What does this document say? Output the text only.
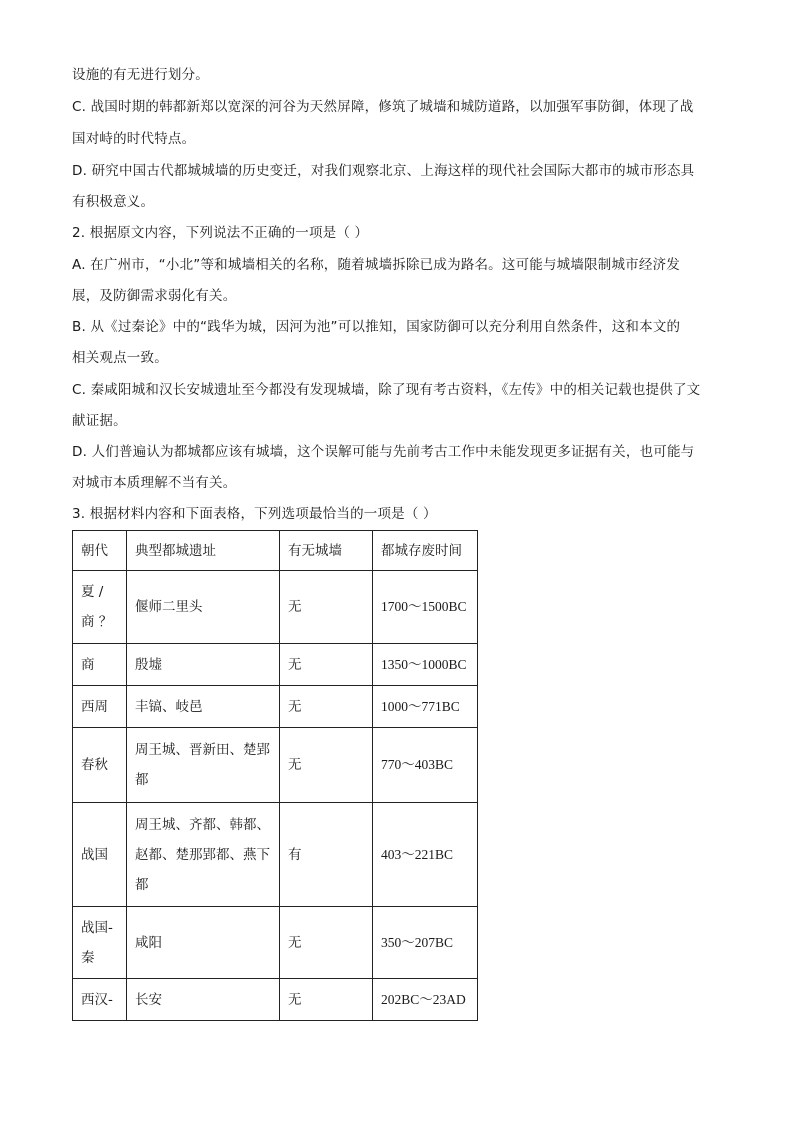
设施的有无进行划分。
C. 战国时期的韩都新郑以宽深的河谷为天然屏障，修筑了城墙和城防道路，以加强军事防御，体现了战
国对峙的时代特点。
D. 研究中国古代都城城墙的历史变迁，对我们观察北京、上海这样的现代社会国际大都市的城市形态具
有积极意义。
2. 根据原文内容，下列说法不正确的一项是（ ）
A. 在广州市，“小北”等和城墙相关的名称，随着城墙拆除已成为路名。这可能与城墙限制城市经济发
展，及防御需求弱化有关。
B. 从《过秦论》中的“践华为城，因河为池”可以推知，国家防御可以充分利用自然条件，这和本文的
相关观点一致。
C. 秦咸阳城和汉长安城遗址至今都没有发现城墙，除了现有考古资料，《左传》中的相关记载也提供了文
献证据。
D. 人们普遍认为都城都应该有城墙，这个误解可能与先前考古工作中未能发现更多证据有关，也可能与
对城市本质理解不当有关。
3. 根据材料内容和下面表格，下列选项最恰当的一项是（ ）
朝代	典型都城遗址	有无城墙	都城存废时间
夏 / 商 ？	偃师二里头	无	1700～1500BC
商	殷墟	无	1350～1000BC
西周	丰镐、岐邑	无	1000～771BC
春秋	周王城、晋新田、楚郢都	无	770～403BC
战国	周王城、齐都、韩都、赵都、楚那郢都、燕下都	有	403～221BC
战国-秦	咸阳	无	350～207BC
西汉-	长安	无	202BC～23AD
